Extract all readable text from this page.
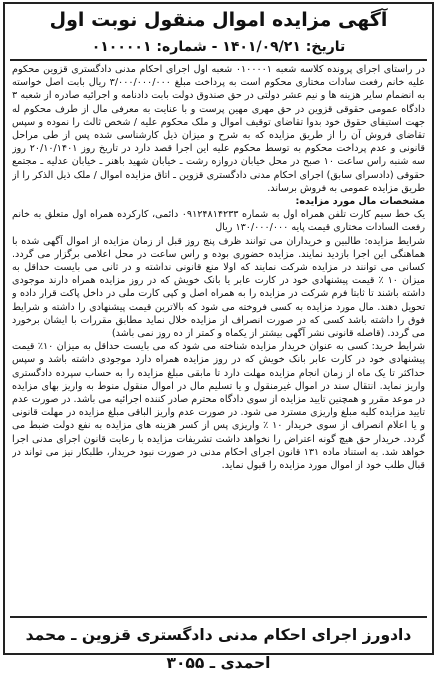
آگهی مزایده اموال منقول نوبت اول
تاریخ: ۱۴۰۱/۰۹/۲۱ - شماره: ۰۱۰۰۰۰۱

در راستای اجرای پرونده کلاسه شعبه ۰۱۰۰۰۰۱ شعبه اول اجرای احکام مدنی دادگستری قزوین محکوم علیه خانم رفعت سادات مختاری محکوم است به پرداخت مبلغ ۳/۰۰۰/۰۰۰/۰۰۰ ریال بابت اصل خواسته به انضمام سایر هزینه ها و نیم عشر دولتی در حق صندوق دولت بابت دادنامه و اجرائیه صادره از شعبه ۳ دادگاه عمومی حقوقی قزوین در حق مهری مهین پرست و با عنایت به معرفی مال از طرف محکوم له جهت استیفای حقوق خود بدوا تقاضای توقیف اموال و ملک محکوم علیه / شخص ثالث را نموده و سپس تقاضای فروش آن را از طریق مزایده که به شرح و میزان ذیل کارشناسی شده پس از طی مراحل قانونی و عدم پرداخت محکوم به توسط محکوم علیه این اجرا قصد دارد در تاریخ روز ۲۰/۱۰/۱۴۰۱ روز سه شنبه راس ساعت ۱۰ صبح در محل خیابان دروازه رشت ـ خیابان شهید باهنر ـ خیابان عدلیه ـ مجتمع حقوقی (دادسرای سابق) اجرای احکام مدنی دادگستری قزوین ـ اتاق مزایده اموال / ملک ذیل الذکر را از طریق مزایده عمومی به فروش برساند.

مشخصات مال مورد مزایده:

یک خط سیم کارت تلفن همراه اول به شماره ۰۹۱۲۴۸۱۴۲۳۳ دائمی، کارکرده همراه اول متعلق به خانم رفعت السادات مختاری قیمت پایه ۱۳۰/۰۰۰/۰۰۰ ریال

شرایط مزایده: طالبین و خریداران می توانند ظرف پنج روز قبل از زمان مزایده از اموال آگهی شده با هماهنگی این اجرا بازدید نمایند. مزایده حضوری بوده و راس ساعت در محل اعلامی برگزار می گردد. کسانی می توانند در مزایده شرکت نمایند که اولا منع قانونی نداشته و در ثانی می بایست حداقل به میزان ۱۰ ٪ قیمت پیشنهادی خود در کارت عابر یا بانک خویش که در روز مزایده همراه دارند موجودی داشته باشند تا ثابتا فرم شرکت در مزایده را به همراه اصل و کپی کارت ملی در داخل پاکت قرار داده و تحویل دهند. مال مورد مزایده به کسی فروخته می شود که بالاترین قیمت پیشنهادی را داشته و شرایط فوق را داشته باشد کسی که در صورت انصراف از مزایده خلال نماید مطابق مقررات با ایشان برخورد می گردد. (قاصله قانونی نشر آگهی بیشتر از یکماه و کمتر از ده روز نمی باشد)

شرایط خرید: کسی به عنوان خریدار مزایده شناخته می شود که می بایست حداقل به میزان ۱۰٪ قیمت پیشنهادی خود در کارت عابر بانک خویش که در روز مزایده همراه دارد موجودی داشته باشد و سپس حداکثر تا یک ماه از زمان انجام مزایده مهلت دارد تا مابقی مبلغ مزایده را به حساب سپرده دادگستری واریز نماید. انتقال سند در اموال غیرمنقول و یا تسلیم مال در اموال منقول منوط به واریز بهای مزایده در موعد مقرر و همچنین تایید مزایده از سوی دادگاه محترم صادر کننده اجرائیه می باشد. در صورت عدم تایید مزایده کلیه مبلغ واریزی مسترد می شود. در صورت عدم واریز الباقی مبلغ مزایده در مهلت قانونی و یا اعلام انصراف از سوی خریدار ۱۰ ٪ واریزی پس از کسر هزینه های مزایده به نفع دولت ضبط می گردد. خریدار حق هیچ گونه اعتراض را نخواهد داشت تشریفات مزایده با رعایت قانون اجرای مدنی اجرا خواهد شد. به استناد ماده ۱۳۱ قانون اجرای احکام مدنی در صورت نبود خریدار، طلبکار نیز می تواند در قبال طلب خود از اموال مورد مزایده را قبول نماید.

دادورز اجرای احکام مدنی دادگستری قزوین ـ محمد احمدی ـ ۳۰۵۵
